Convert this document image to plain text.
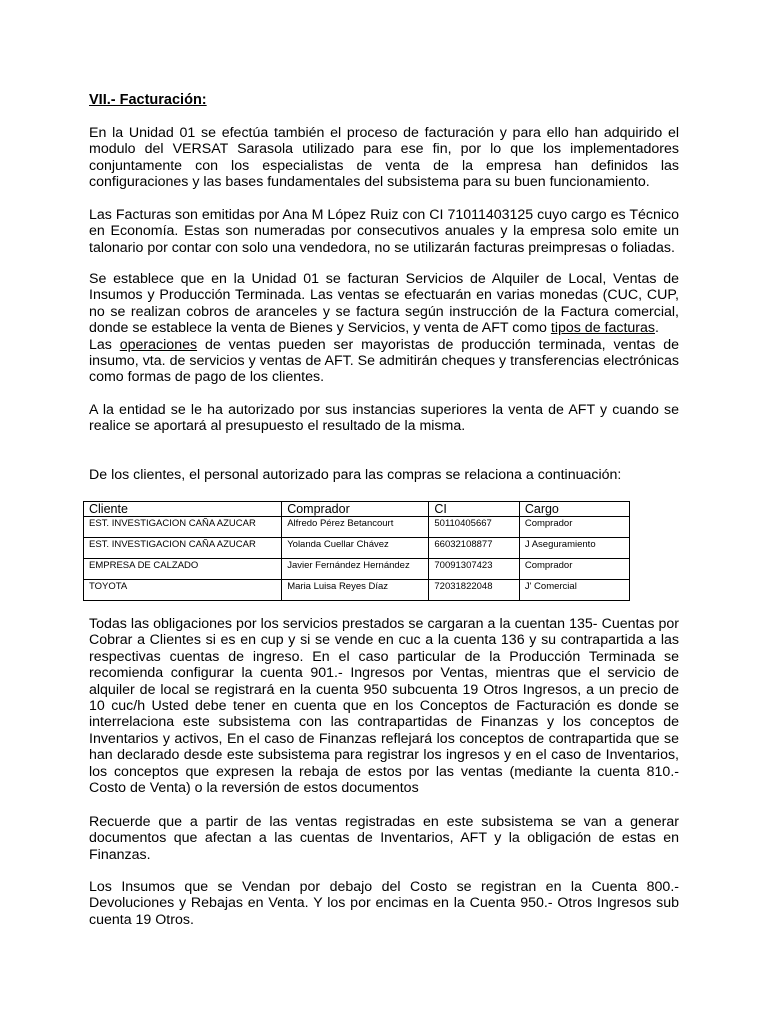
VII.- Facturación:

En la Unidad 01 se efectúa también el proceso de facturación y para ello han adquirido el modulo del VERSAT Sarasola utilizado para ese fin, por lo que los implementadores conjuntamente con los especialistas de venta de la empresa han definidos las configuraciones y las bases fundamentales del subsistema para su buen funcionamiento.

Las Facturas son emitidas por Ana M López Ruiz con CI 71011403125 cuyo cargo es Técnico en Economía. Estas son numeradas por consecutivos anuales y la empresa solo emite un talonario por contar con solo una vendedora, no se utilizarán facturas preimpresas o foliadas.

Se establece que en la Unidad 01 se facturan Servicios de Alquiler de Local, Ventas de Insumos y Producción Terminada. Las ventas se efectuarán en varias monedas (CUC, CUP, no se realizan cobros de aranceles y se factura según instrucción de la Factura comercial, donde se establece la venta de Bienes y Servicios, y venta de AFT como tipos de facturas.
Las operaciones de ventas pueden ser mayoristas de producción terminada, ventas de insumo, vta. de servicios y ventas de AFT. Se admitirán cheques y transferencias electrónicas como formas de pago de los clientes.

A la entidad se le ha autorizado por sus instancias superiores la venta de AFT y cuando se realice se aportará al presupuesto el resultado de la misma.

De los clientes, el personal autorizado para las compras se relaciona a continuación:

Cliente	Comprador	CI	Cargo
EST. INVESTIGACION CAÑA AZUCAR	Alfredo Pérez Betancourt	50110405667	Comprador
EST. INVESTIGACION CAÑA AZUCAR	Yolanda Cuellar Chávez	66032108877	J Aseguramiento
EMPRESA DE CALZADO	Javier Fernández Hernández	70091307423	Comprador
TOYOTA	Maria Luisa Reyes Díaz	72031822048	J' Comercial

Todas las obligaciones por los servicios prestados se cargaran a la cuentan 135- Cuentas por Cobrar a Clientes si es en cup y si se vende en cuc a la cuenta 136 y su contrapartida a las respectivas cuentas de ingreso. En el caso particular de la Producción Terminada se recomienda configurar la cuenta 901.- Ingresos por Ventas, mientras que el servicio de alquiler de local se registrará en la cuenta 950 subcuenta 19 Otros Ingresos, a un precio de 10 cuc/h Usted debe tener en cuenta que en los Conceptos de Facturación es donde se interrelaciona este subsistema con las contrapartidas de Finanzas y los conceptos de Inventarios y activos, En el caso de Finanzas reflejará los conceptos de contrapartida que se han declarado desde este subsistema para registrar los ingresos y en el caso de Inventarios, los conceptos que expresen la rebaja de estos por las ventas (mediante la cuenta 810.- Costo de Venta) o la reversión de estos documentos

Recuerde que a partir de las ventas registradas en este subsistema se van a generar documentos que afectan a las cuentas de Inventarios, AFT y la obligación de estas en Finanzas.

Los Insumos que se Vendan por debajo del Costo se registran en la Cuenta 800.- Devoluciones y Rebajas en Venta. Y los por encimas en la Cuenta 950.- Otros Ingresos sub cuenta 19 Otros.
